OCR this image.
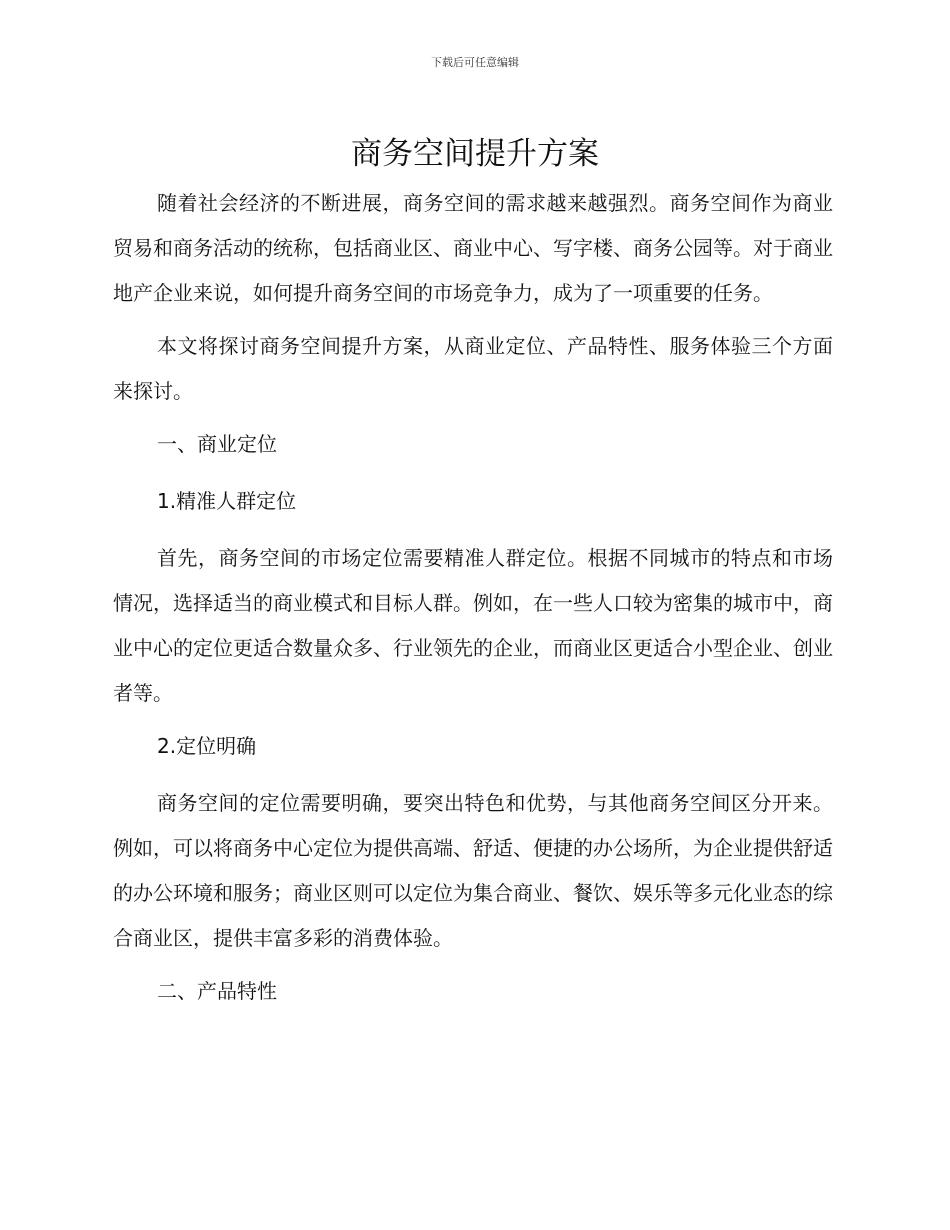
下载后可任意编辑
商务空间提升方案

随着社会经济的不断进展，商务空间的需求越来越强烈。商务空间作为商业贸易和商务活动的统称，包括商业区、商业中心、写字楼、商务公园等。对于商业地产企业来说，如何提升商务空间的市场竞争力，成为了一项重要的任务。

本文将探讨商务空间提升方案，从商业定位、产品特性、服务体验三个方面来探讨。

一、商业定位

1.精准人群定位

首先，商务空间的市场定位需要精准人群定位。根据不同城市的特点和市场情况，选择适当的商业模式和目标人群。例如，在一些人口较为密集的城市中，商业中心的定位更适合数量众多、行业领先的企业，而商业区更适合小型企业、创业者等。

2.定位明确

商务空间的定位需要明确，要突出特色和优势，与其他商务空间区分开来。例如，可以将商务中心定位为提供高端、舒适、便捷的办公场所，为企业提供舒适的办公环境和服务；商业区则可以定位为集合商业、餐饮、娱乐等多元化业态的综合商业区，提供丰富多彩的消费体验。

二、产品特性
